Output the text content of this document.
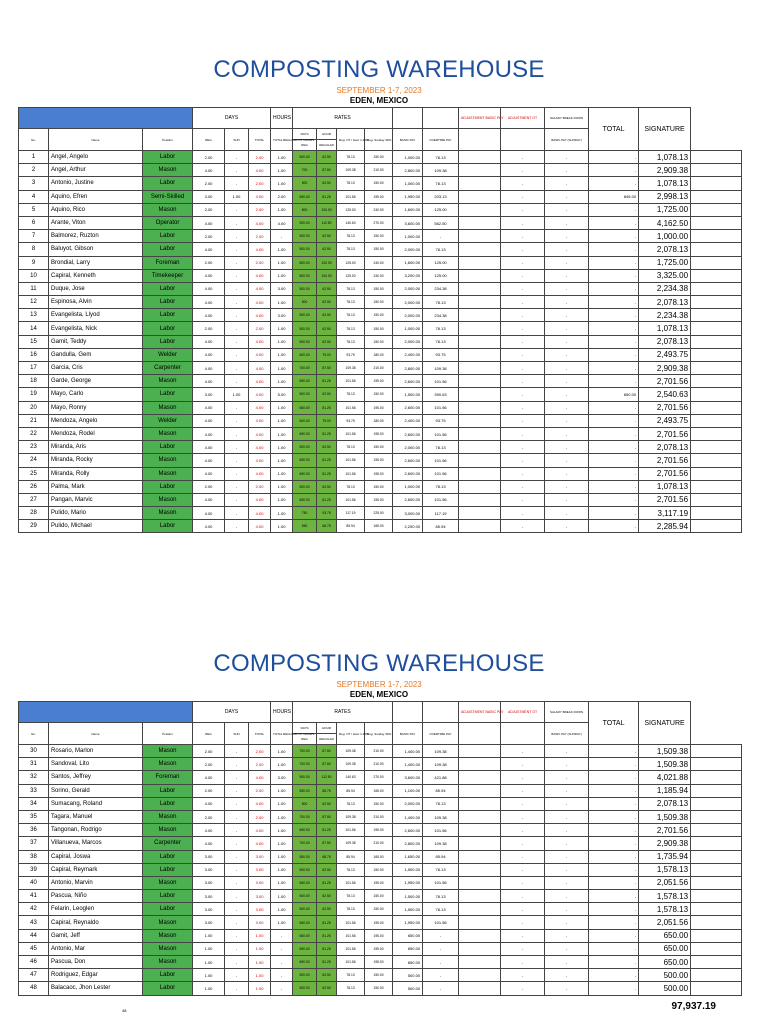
COMPOSTING WAREHOUSE
SEPTEMBER 1-7, 2023
EDEN, MEXICO
			DAYS			HOURS	RATES						ADJUSTMENT BASIC PAY	ADJUSTMENT OT	SALARY BREAK DOWN	TOTAL	SIGNATURE	
No.	Name	Position	REG	SUN	TOTAL	TOTAL REGULAR OT HOURS	DAYS	HOUR	Reg. OT / Hour 1.25%	Reg. Sunday 30%	BASIC PAY	OVERTIME PAY			BASIC PAY (SUNDAY)			
							REG	REGULAR										
1	Angel, Angelo	Labor	2.00	-	2.00	1.00	500.00	62.50	78.13	150.00	1,000.00	78.13		-	-	-	1,078.13	
2	Angel, Arthur	Mason	4.00	-	4.00	1.00	700	87.50	109.38	210.00	2,800.00	109.38		-	-	-	2,909.38	
3	Antonio, Justine	Labor	2.00	-	2.00	1.00	500	62.50	78.13	150.00	1,000.00	78.13		-	-	-	1,078.13	
4	Aquino, Efren	Semi-Skilled	3.00	1.00	4.00	2.00	650.00	81.25	101.56	195.00	1,950.00	203.13		-	-	845.00	2,998.13	
5	Aquino, Rico	Mason	2.00	-	2.00	1.00	800	100.00	125.00	240.00	1,600.00	125.00		-	-	-	1,725.00	
6	Arante, Viton	Operator	4.00	-	4.00	4.00	900.00	112.50	140.63	270.00	3,600.00	562.50		-	-	-	4,162.50	
7	Balmorez, Ruzton	Labor	2.00	-	2.00	-	500.00	62.50	78.13	150.00	1,000.00	-		-	-	-	1,000.00	
8	Baluyot, Gibson	Labor	4.00	-	4.00	1.00	500.00	62.50	78.13	150.00	2,000.00	78.13		-	-	-	2,078.13	
9	Brondial, Larry	Foreman	2.00	-	2.00	1.00	800.00	100.00	125.00	240.00	1,600.00	125.00		-	-	-	1,725.00	
10	Capiral, Kenneth	Timekeeper	4.00	-	4.00	1.00	800.00	100.00	125.00	240.00	3,200.00	125.00		-	-	-	3,325.00	
11	Duque, Jose	Labor	4.00	-	4.00	3.00	500.00	62.50	78.13	150.00	2,000.00	234.38		-	-	-	2,234.38	
12	Espinosa, Alvin	Labor	4.00	-	4.00	1.00	500	62.50	78.13	150.00	2,000.00	78.13		-	-	-	2,078.13	
13	Evangelista, Llyod	Labor	4.00	-	4.00	3.00	500.00	62.50	78.13	150.00	2,000.00	234.38		-	-	-	2,234.38	
14	Evangelista, Nick	Labor	2.00	-	2.00	1.00	500.00	62.50	78.13	150.00	1,000.00	78.13		-	-	-	1,078.13	
15	Gamit, Teddy	Labor	4.00	-	4.00	1.00	500.00	62.50	78.13	150.00	2,000.00	78.13		-	-	-	2,078.13	
16	Gandulla, Gem	Welder	4.00	-	4.00	1.00	600.00	75.00	93.75	180.00	2,400.00	93.75		-	-	-	2,493.75	
17	Garcia, Cris	Carpenter	4.00	-	4.00	1.00	700.00	87.50	109.38	210.00	2,800.00	109.38		-	-	-	2,909.38	
18	Garde, George	Mason	4.00	-	4.00	1.00	650.00	81.25	101.56	195.00	2,600.00	101.56		-	-	-	2,701.56	
19	Mayo, Carlo	Labor	3.00	1.00	4.00	5.00	500.00	62.50	78.13	150.00	1,500.00	390.63		-	-	650.00	2,540.63	
20	Mayo, Ronny	Mason	4.00	-	4.00	1.00	650.00	81.25	101.56	195.00	2,600.00	101.56		-	-	-	2,701.56	
21	Mendoza, Angelo	Welder	4.00	-	4.00	1.00	600.00	75.00	93.75	180.00	2,400.00	93.75		-	-	-	2,493.75	
22	Mendoza, Rodel	Mason	4.00	-	4.00	1.00	650.00	81.25	101.56	195.00	2,600.00	101.56		-	-	-	2,701.56	
23	Miranda, Aris	Labor	4.00	-	4.00	1.00	500.00	62.50	78.13	150.00	2,000.00	78.13		-	-	-	2,078.13	
24	Miranda, Rocky	Mason	4.00	-	4.00	1.00	650.00	81.25	101.56	195.00	2,600.00	101.56		-	-	-	2,701.56	
25	Miranda, Rolly	Mason	4.00	-	4.00	1.00	650.00	81.25	101.56	195.00	2,600.00	101.56		-	-	-	2,701.56	
26	Palma, Mark	Labor	2.00	-	2.00	1.00	500.00	62.50	78.13	150.00	1,000.00	78.13		-	-	-	1,078.13	
27	Pangan, Marvic	Mason	4.00	-	4.00	1.00	650.00	81.25	101.56	195.00	2,600.00	101.56		-	-	-	2,701.56	
28	Pulido, Mario	Mason	4.00	-	4.00	1.00	750	93.75	117.19	225.00	3,000.00	117.19		-	-	-	3,117.19	
29	Pulido, Michael	Labor	4.00	-	4.00	1.00	550	68.75	85.94	165.00	2,200.00	85.94		-	-	-	2,285.94	
COMPOSTING WAREHOUSE
SEPTEMBER 1-7, 2023
EDEN, MEXICO
			DAYS			HOURS	RATES						ADJUSTMENT BASIC PAY	ADJUSTMENT OT	SALARY BREAK DOWN	TOTAL	SIGNATURE	
No.	Name	Position	REG	SUN	TOTAL	TOTAL REGULAR OT HOURS	DAYS	HOUR	Reg. OT / Hour 1.25%	Reg. Sunday 30%	BASIC PAY	OVERTIME PAY			BASIC PAY (SUNDAY)			
							REG	REGULAR										
30	Rosario, Marlon	Mason	2.00	-	2.00	1.00	700.00	87.50	109.38	210.00	1,400.00	109.38		-	-	-	1,509.38	
31	Sandoval, Lito	Mason	2.00	-	2.00	1.00	700.00	87.50	109.38	210.00	1,400.00	109.38		-	-	-	1,509.38	
32	Santos, Jeffrey	Foreman	4.00	-	4.00	3.00	900.00	112.50	140.63	270.00	3,600.00	421.88		-	-	-	4,021.88	
33	Sorino, Gerald	Labor	2.00	-	2.00	1.00	550.00	68.75	85.94	165.00	1,100.00	85.94		-	-	-	1,185.94	
34	Sumacang, Roland	Labor	4.00	-	4.00	1.00	500	62.50	78.13	150.00	2,000.00	78.13		-	-	-	2,078.13	
35	Tagara, Manuel	Mason	2.00	-	2.00	1.00	700.00	87.50	109.38	210.00	1,400.00	109.38		-	-	-	1,509.38	
36	Tangonan, Rodrigo	Mason	4.00	-	4.00	1.00	650.00	81.25	101.56	195.00	2,600.00	101.56		-	-	-	2,701.56	
37	Villanueva, Marcos	Carpenter	4.00	-	4.00	1.00	700.00	87.50	109.38	210.00	2,800.00	109.38		-	-	-	2,909.38	
38	Capiral, Joswa	Labor	3.00	-	3.00	1.00	550.00	68.75	85.94	165.00	1,650.00	85.94		-	-	-	1,735.94	
39	Capiral, Reymark	Labor	3.00	-	3.00	1.00	500.00	62.50	78.13	150.00	1,500.00	78.13		-	-	-	1,578.13	
40	Antonio, Marvin	Mason	3.00	-	3.00	1.00	650.00	81.25	101.56	195.00	1,950.00	101.56		-	-	-	2,051.56	
41	Pascua, Niño	Labor	3.00	-	3.00	1.00	500.00	62.50	78.13	150.00	1,500.00	78.13		-	-	-	1,578.13	
42	Felarin, Leoglen	Labor	3.00	-	3.00	1.00	500.00	62.50	78.13	150.00	1,500.00	78.13		-	-	-	1,578.13	
43	Capiral, Reynaldo	Mason	3.00	-	3.00	1.00	650.00	81.25	101.56	195.00	1,950.00	101.56		-	-	-	2,051.56	
44	Gamit, Jeff	Mason	1.00	-	1.00	-	650.00	81.25	101.56	195.00	650.00	-		-	-	-	650.00	
45	Antonio, Mar	Mason	1.00	-	1.00	-	650.00	81.25	101.56	195.00	650.00	-		-	-	-	650.00	
46	Pascua, Don	Mason	1.00	-	1.00	-	650.00	81.25	101.56	195.00	650.00	-		-	-	-	650.00	
47	Rodriguez, Edgar	Labor	1.00	-	1.00	-	500.00	62.50	78.13	150.00	500.00	-		-	-	-	500.00	
48	Balacaoc, Jhon Lester	Labor	1.00	-	1.00	-	500.00	62.50	78.13	150.00	500.00	-		-	-	-	500.00	
48	97,937.19
